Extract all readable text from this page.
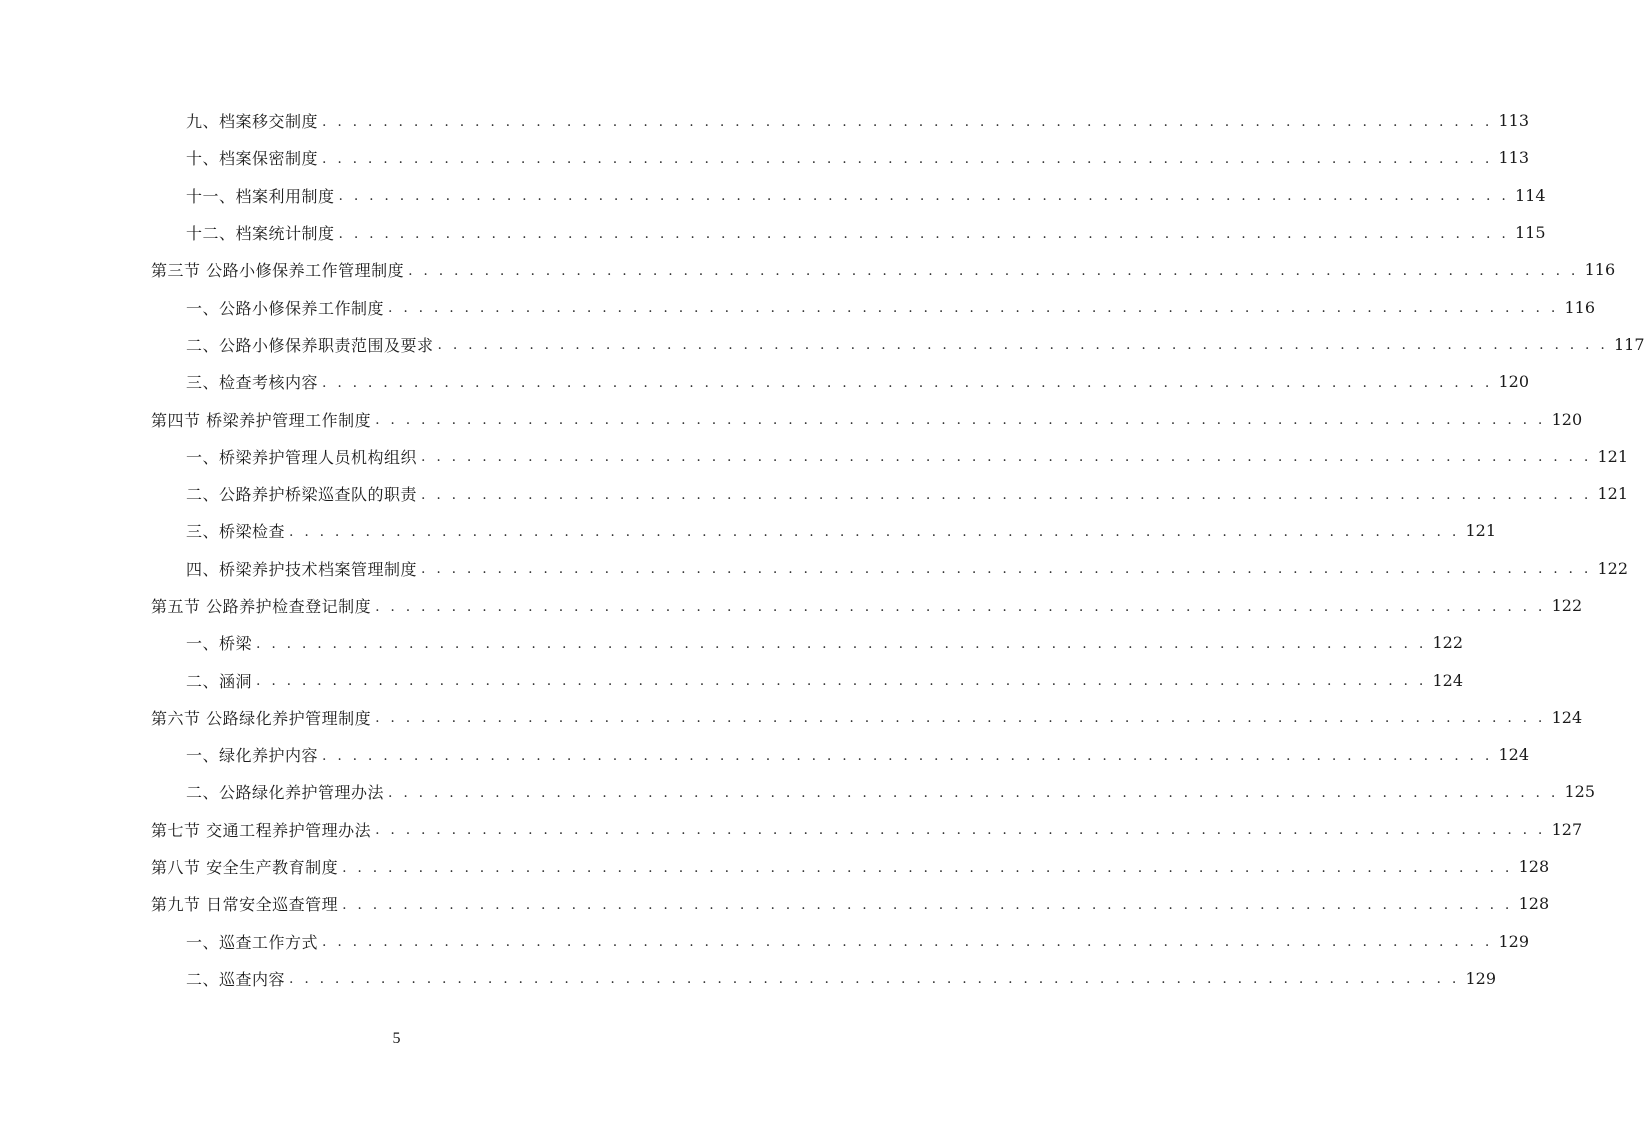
九、档案移交制度 . . . . . . . . . . . . . . . . . . . . . . . . . . . . . . . . . . . . . . . . . . . . . . . . . . . . . . . . . . . . . . . . . . . . . . . . . . . . . 113
十、档案保密制度 . . . . . . . . . . . . . . . . . . . . . . . . . . . . . . . . . . . . . . . . . . . . . . . . . . . . . . . . . . . . . . . . . . . . . . . . . . . . . 113
十一、档案利用制度 . . . . . . . . . . . . . . . . . . . . . . . . . . . . . . . . . . . . . . . . . . . . . . . . . . . . . . . . . . . . . . . . . . . . . . . . . . . . . 114
十二、档案统计制度 . . . . . . . . . . . . . . . . . . . . . . . . . . . . . . . . . . . . . . . . . . . . . . . . . . . . . . . . . . . . . . . . . . . . . . . . . . . . . 115
第三节 公路小修保养工作管理制度 . . . . . . . . . . . . . . . . . . . . . . . . . . . . . . . . . . . . . . . . . . . . . . . . . . . . . . . . . . . . . . . . . . . . . . . . . . . . . 116
一、公路小修保养工作制度 . . . . . . . . . . . . . . . . . . . . . . . . . . . . . . . . . . . . . . . . . . . . . . . . . . . . . . . . . . . . . . . . . . . . . . . . . . . . . 116
二、公路小修保养职责范围及要求 . . . . . . . . . . . . . . . . . . . . . . . . . . . . . . . . . . . . . . . . . . . . . . . . . . . . . . . . . . . . . . . . . . . . . . . . . . . . . 117
三、检查考核内容 . . . . . . . . . . . . . . . . . . . . . . . . . . . . . . . . . . . . . . . . . . . . . . . . . . . . . . . . . . . . . . . . . . . . . . . . . . . . . 120
第四节 桥梁养护管理工作制度 . . . . . . . . . . . . . . . . . . . . . . . . . . . . . . . . . . . . . . . . . . . . . . . . . . . . . . . . . . . . . . . . . . . . . . . . . . . . . 120
一、桥梁养护管理人员机构组织 . . . . . . . . . . . . . . . . . . . . . . . . . . . . . . . . . . . . . . . . . . . . . . . . . . . . . . . . . . . . . . . . . . . . . . . . . . . . . 121
二、公路养护桥梁巡查队的职责 . . . . . . . . . . . . . . . . . . . . . . . . . . . . . . . . . . . . . . . . . . . . . . . . . . . . . . . . . . . . . . . . . . . . . . . . . . . . . 121
三、桥梁检查 . . . . . . . . . . . . . . . . . . . . . . . . . . . . . . . . . . . . . . . . . . . . . . . . . . . . . . . . . . . . . . . . . . . . . . . . . . . . . 121
四、桥梁养护技术档案管理制度 . . . . . . . . . . . . . . . . . . . . . . . . . . . . . . . . . . . . . . . . . . . . . . . . . . . . . . . . . . . . . . . . . . . . . . . . . . . . . 122
第五节 公路养护检查登记制度 . . . . . . . . . . . . . . . . . . . . . . . . . . . . . . . . . . . . . . . . . . . . . . . . . . . . . . . . . . . . . . . . . . . . . . . . . . . . . 122
一、桥梁 . . . . . . . . . . . . . . . . . . . . . . . . . . . . . . . . . . . . . . . . . . . . . . . . . . . . . . . . . . . . . . . . . . . . . . . . . . . . . 122
二、涵洞 . . . . . . . . . . . . . . . . . . . . . . . . . . . . . . . . . . . . . . . . . . . . . . . . . . . . . . . . . . . . . . . . . . . . . . . . . . . . . 124
第六节 公路绿化养护管理制度 . . . . . . . . . . . . . . . . . . . . . . . . . . . . . . . . . . . . . . . . . . . . . . . . . . . . . . . . . . . . . . . . . . . . . . . . . . . . . 124
一、绿化养护内容 . . . . . . . . . . . . . . . . . . . . . . . . . . . . . . . . . . . . . . . . . . . . . . . . . . . . . . . . . . . . . . . . . . . . . . . . . . . . . 124
二、公路绿化养护管理办法 . . . . . . . . . . . . . . . . . . . . . . . . . . . . . . . . . . . . . . . . . . . . . . . . . . . . . . . . . . . . . . . . . . . . . . . . . . . . . 125
第七节 交通工程养护管理办法 . . . . . . . . . . . . . . . . . . . . . . . . . . . . . . . . . . . . . . . . . . . . . . . . . . . . . . . . . . . . . . . . . . . . . . . . . . . . . 127
第八节 安全生产教育制度 . . . . . . . . . . . . . . . . . . . . . . . . . . . . . . . . . . . . . . . . . . . . . . . . . . . . . . . . . . . . . . . . . . . . . . . . . . . . . 128
第九节 日常安全巡查管理 . . . . . . . . . . . . . . . . . . . . . . . . . . . . . . . . . . . . . . . . . . . . . . . . . . . . . . . . . . . . . . . . . . . . . . . . . . . . . 128
一、巡查工作方式 . . . . . . . . . . . . . . . . . . . . . . . . . . . . . . . . . . . . . . . . . . . . . . . . . . . . . . . . . . . . . . . . . . . . . . . . . . . . . 129
二、巡查内容 . . . . . . . . . . . . . . . . . . . . . . . . . . . . . . . . . . . . . . . . . . . . . . . . . . . . . . . . . . . . . . . . . . . . . . . . . . . . . 129
5
